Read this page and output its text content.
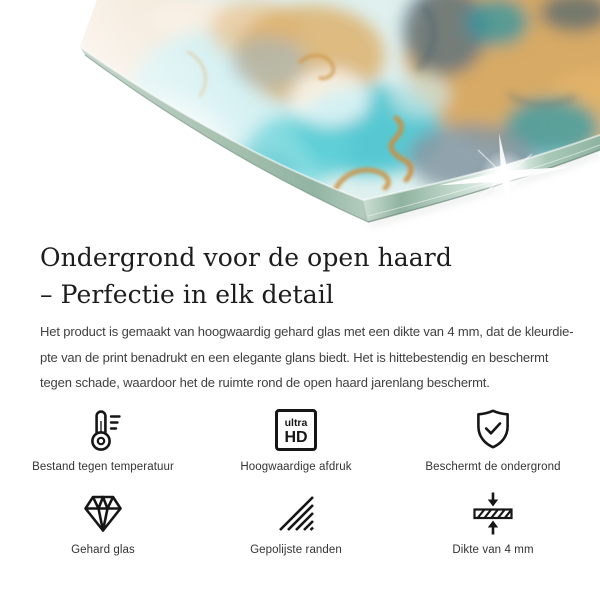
Ondergrond voor de open haard
– Perfectie in elk detail

Het product is gemaakt van hoogwaardig gehard glas met een dikte van 4 mm, dat de kleurdie-
pte van de print benadrukt en een elegante glans biedt. Het is hittebestendig en beschermt
tegen schade, waardoor het de ruimte rond de open haard jarenlang beschermt.

Bestand tegen temperatuur
ultra
HD
Hoogwaardige afdruk	Beschermt de ondergrond
Gehard glas	Gepolijste randen	Dikte van 4 mm
